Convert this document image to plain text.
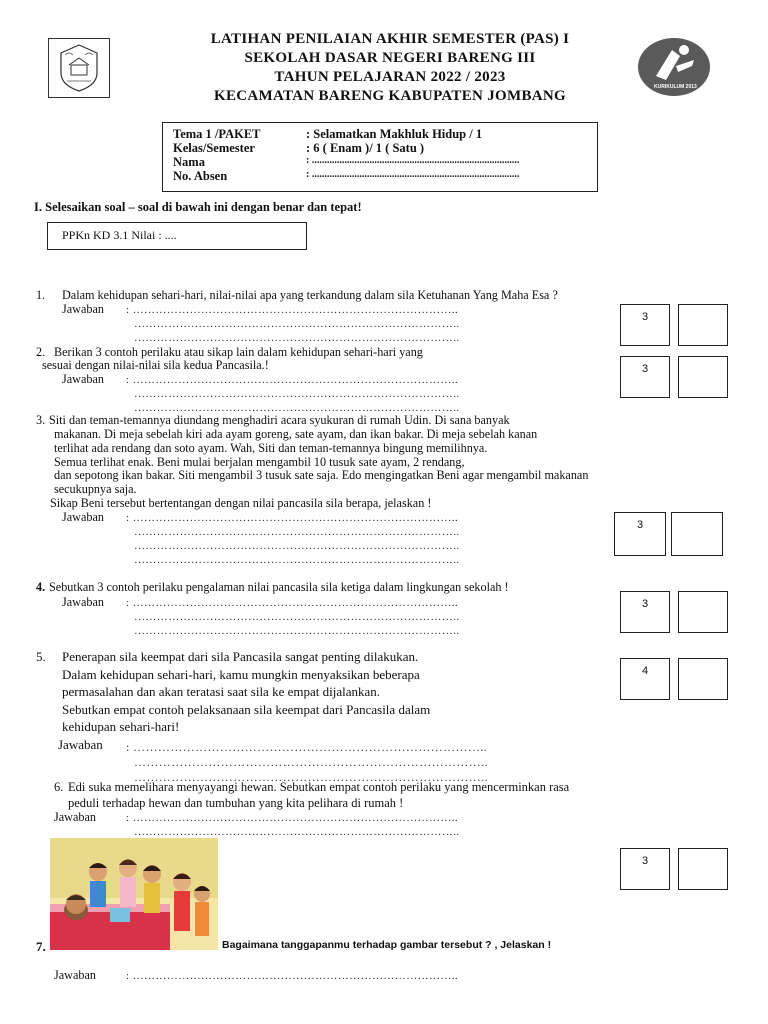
KURIKULUM 2013
LATIHAN PENILAIAN AKHIR SEMESTER (PAS) I
SEKOLAH DASAR NEGERI BARENG III
TAHUN PELAJARAN 2022 / 2023
KECAMATAN BARENG KABUPATEN JOMBANG
Tema 1 /PAKET	: Selamatkan Makhluk Hidup / 1
Kelas/Semester	: 6 ( Enam )/ 1 ( Satu )
Nama	: ...................................................................................
No. Absen	: ...................................................................................
I. Selesaikan soal – soal di bawah ini dengan benar dan tepat!
PPKn KD 3.1 Nilai : ....
1. Dalam kehidupan sehari-hari, nilai-nilai apa yang terkandung dalam sila Ketuhanan Yang Maha Esa ?
Jawaban : …………………………………………………………………………..
…………………………………………………………………………..
…………………………………………………………………………..
3
2. Berikan 3 contoh perilaku atau sikap lain dalam kehidupan sehari-hari yang
sesuai dengan nilai-nilai sila kedua Pancasila.!
Jawaban : …………………………………………………………………………..
…………………………………………………………………………..
…………………………………………………………………………..
3
3. Siti dan teman-temannya diundang menghadiri acara syukuran di rumah Udin. Di sana banyak
makanan. Di meja sebelah kiri ada ayam goreng, sate ayam, dan ikan bakar. Di meja sebelah kanan
terlihat ada rendang dan soto ayam. Wah, Siti dan teman-temannya bingung memilihnya.
Semua terlihat enak. Beni mulai berjalan mengambil 10 tusuk sate ayam, 2 rendang,
dan sepotong ikan bakar. Siti mengambil 3 tusuk sate saja. Edo mengingatkan Beni agar mengambil makanan
secukupnya saja.
Sikap Beni tersebut bertentangan dengan nilai pancasila sila berapa, jelaskan !
Jawaban : …………………………………………………………………………..
…………………………………………………………………………..
…………………………………………………………………………..
…………………………………………………………………………..
3
4. Sebutkan 3 contoh perilaku pengalaman nilai pancasila sila ketiga dalam lingkungan sekolah !
Jawaban : …………………………………………………………………………..
…………………………………………………………………………..
…………………………………………………………………………..
3
5. Penerapan sila keempat dari sila Pancasila sangat penting dilakukan.
Dalam kehidupan sehari-hari, kamu mungkin menyaksikan beberapa
permasalahan dan akan teratasi saat sila ke empat dijalankan.
Sebutkan empat contoh pelaksanaan sila keempat dari Pancasila dalam
kehidupan sehari-hari!
Jawaban : …………………………………………………………………………..
…………………………………………………………………………..
…………………………………………………………………………..
4
6. Edi suka memelihara menyayangi hewan. Sebutkan empat contoh perilaku yang mencerminkan rasa
peduli terhadap hewan dan tumbuhan yang kita pelihara di rumah !
Jawaban	: …………………………………………………………………………..
…………………………………………………………………………..
3
7.	Bagaimana tanggapanmu terhadap gambar tersebut ? , Jelaskan !
Jawaban	: …………………………………………………………………………..
